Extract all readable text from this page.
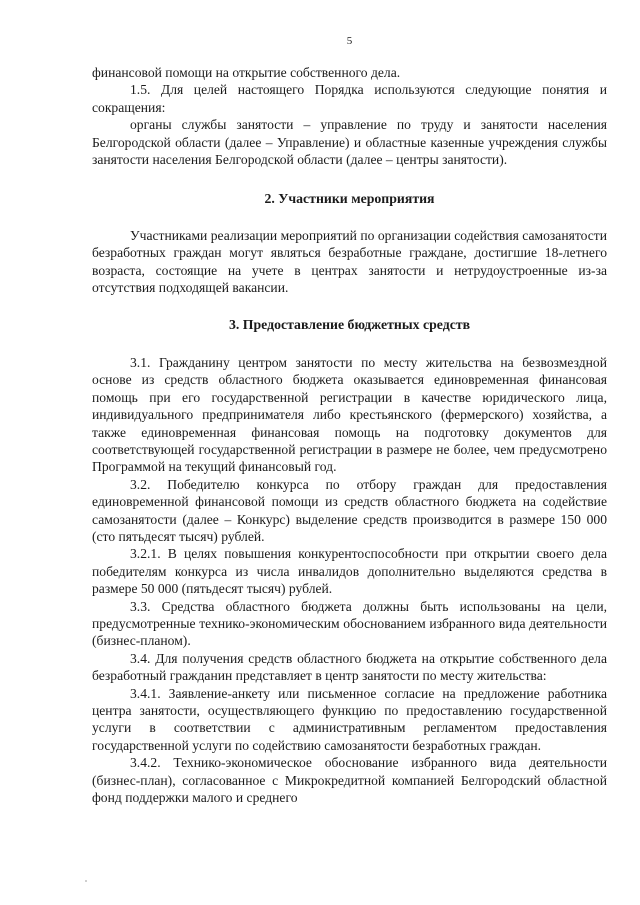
5

финансовой помощи на открытие собственного дела.

1.5. Для целей настоящего Порядка используются следующие понятия и сокращения:

органы службы занятости – управление по труду и занятости населения Белгородской области (далее – Управление) и областные казенные учреждения службы занятости населения Белгородской области (далее – центры занятости).

2. Участники мероприятия

Участниками реализации мероприятий по организации содействия самозанятости безработных граждан могут являться безработные граждане, достигшие 18-летнего возраста, состоящие на учете в центрах занятости и нетрудоустроенные из-за отсутствия подходящей вакансии.

3. Предоставление бюджетных средств

3.1. Гражданину центром занятости по месту жительства на безвозмездной основе из средств областного бюджета оказывается единовременная финансовая помощь при его государственной регистрации в качестве юридического лица, индивидуального предпринимателя либо крестьянского (фермерского) хозяйства, а также единовременная финансовая помощь на подготовку документов для соответствующей государственной регистрации в размере не более, чем предусмотрено Программой на текущий финансовый год.

3.2. Победителю конкурса по отбору граждан для предоставления единовременной финансовой помощи из средств областного бюджета на содействие самозанятости (далее – Конкурс) выделение средств производится в размере 150 000 (сто пятьдесят тысяч) рублей.

3.2.1. В целях повышения конкурентоспособности при открытии своего дела победителям конкурса из числа инвалидов дополнительно выделяются средства в размере 50 000 (пятьдесят тысяч) рублей.

3.3. Средства областного бюджета должны быть использованы на цели, предусмотренные технико-экономическим обоснованием избранного вида деятельности (бизнес-планом).

3.4. Для получения средств областного бюджета на открытие собственного дела безработный гражданин представляет в центр занятости по месту жительства:

3.4.1. Заявление-анкету или письменное согласие на предложение работника центра занятости, осуществляющего функцию по предоставлению государственной услуги в соответствии с административным регламентом предоставления государственной услуги по содействию самозанятости безработных граждан.

3.4.2. Технико-экономическое обоснование избранного вида деятельности (бизнес-план), согласованное с Микрокредитной компанией Белгородский областной фонд поддержки малого и среднего
